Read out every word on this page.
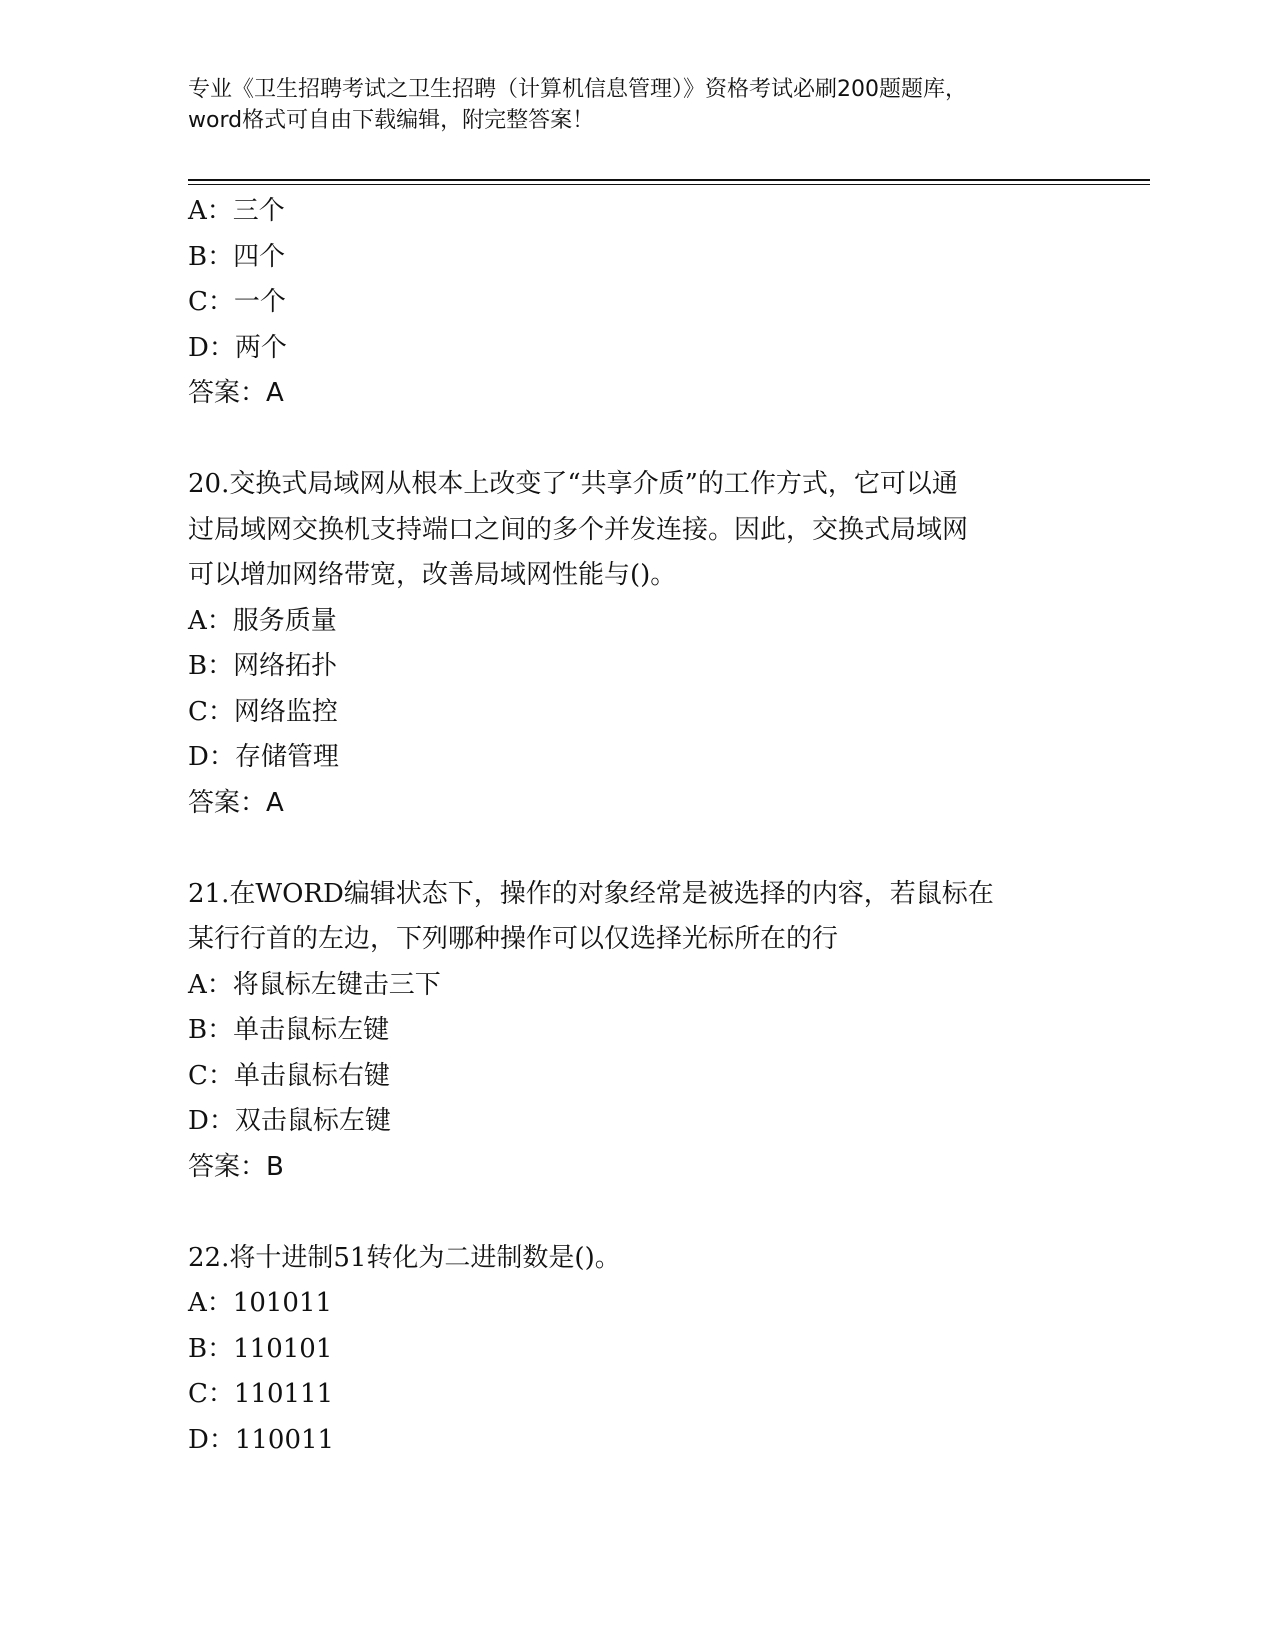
专业《卫生招聘考试之卫生招聘（计算机信息管理）》资格考试必刷200题题库，
word格式可自由下载编辑，附完整答案！
A：三个
B：四个
C：一个
D：两个
答案：A
20.交换式局域网从根本上改变了“共享介质”的工作方式，它可以通
过局域网交换机支持端口之间的多个并发连接。因此，交换式局域网
可以增加网络带宽，改善局域网性能与()。
A：服务质量
B：网络拓扑
C：网络监控
D：存储管理
答案：A
21.在WORD编辑状态下，操作的对象经常是被选择的内容，若鼠标在
某行行首的左边，下列哪种操作可以仅选择光标所在的行
A：将鼠标左键击三下
B：单击鼠标左键
C：单击鼠标右键
D：双击鼠标左键
答案：B
22.将十进制51转化为二进制数是()。
A：101011
B：110101
C：110111
D：110011
